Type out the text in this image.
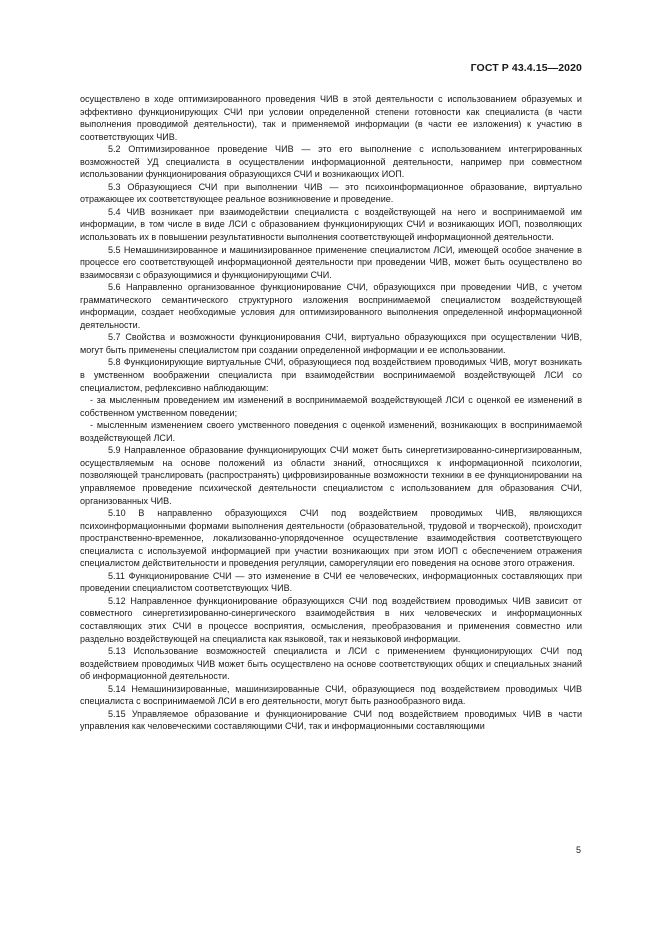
ГОСТ Р 43.4.15—2020

осуществлено в ходе оптимизированного проведения ЧИВ в этой деятельности с использованием образуемых и эффективно функционирующих СЧИ при условии определенной степени готовности как специалиста (в части выполнения проводимой деятельности), так и применяемой информации (в части ее изложения) к участию в соответствующих ЧИВ.

5.2 Оптимизированное проведение ЧИВ — это его выполнение с использованием интегрированных возможностей УД специалиста в осуществлении информационной деятельности, например при совместном использовании функционирования образующихся СЧИ и возникающих ИОП.

5.3 Образующиеся СЧИ при выполнении ЧИВ — это психоинформационное образование, виртуально отражающее их соответствующее реальное возникновение и проведение.

5.4 ЧИВ возникает при взаимодействии специалиста с воздействующей на него и воспринимаемой им информации, в том числе в виде ЛСИ с образованием функционирующих СЧИ и возникающих ИОП, позволяющих использовать их в повышении результативности выполнения соответствующей информационной деятельности.

5.5 Немашинизированное и машинизированное применение специалистом ЛСИ, имеющей особое значение в процессе его соответствующей информационной деятельности при проведении ЧИВ, может быть осуществлено во взаимосвязи с образующимися и функционирующими СЧИ.

5.6 Направленно организованное функционирование СЧИ, образующихся при проведении ЧИВ, с учетом грамматического семантического структурного изложения воспринимаемой специалистом воздействующей информации, создает необходимые условия для оптимизированного выполнения определенной информационной деятельности.

5.7 Свойства и возможности функционирования СЧИ, виртуально образующихся при осуществлении ЧИВ, могут быть применены специалистом при создании определенной информации и ее использовании.

5.8 Функционирующие виртуальные СЧИ, образующиеся под воздействием проводимых ЧИВ, могут возникать в умственном воображении специалиста при взаимодействии воспринимаемой воздействующей ЛСИ со специалистом, рефлексивно наблюдающим:

- за мысленным проведением им изменений в воспринимаемой воздействующей ЛСИ с оценкой ее изменений в собственном умственном поведении;

- мысленным изменением своего умственного поведения с оценкой изменений, возникающих в воспринимаемой воздействующей ЛСИ.

5.9 Направленное образование функционирующих СЧИ может быть синергетизированно-синергизированным, осуществляемым на основе положений из области знаний, относящихся к информационной психологии, позволяющей транслировать (распространять) цифровизированные возможности техники в ее функционировании на управляемое проведение психической деятельности специалистом с использованием для образования СЧИ, организованных ЧИВ.

5.10 В направленно образующихся СЧИ под воздействием проводимых ЧИВ, являющихся психоинформационными формами выполнения деятельности (образовательной, трудовой и творческой), происходит пространственно-временное, локализованно-упорядоченное осуществление взаимодействия соответствующего специалиста с используемой информацией при участии возникающих при этом ИОП с обеспечением отражения специалистом действительности и проведения регуляции, саморегуляции его поведения на основе этого отражения.

5.11 Функционирование СЧИ — это изменение в СЧИ ее человеческих, информационных составляющих при проведении специалистом соответствующих ЧИВ.

5.12 Направленное функционирование образующихся СЧИ под воздействием проводимых ЧИВ зависит от совместного синергетизированно-синергического взаимодействия в них человеческих и информационных составляющих этих СЧИ в процессе восприятия, осмысления, преобразования и применения совместно или раздельно воздействующей на специалиста как языковой, так и неязыковой информации.

5.13 Использование возможностей специалиста и ЛСИ с применением функционирующих СЧИ под воздействием проводимых ЧИВ может быть осуществлено на основе соответствующих общих и специальных знаний об информационной деятельности.

5.14 Немашинизированные, машинизированные СЧИ, образующиеся под воздействием проводимых ЧИВ специалиста с воспринимаемой ЛСИ в его деятельности, могут быть разнообразного вида.

5.15 Управляемое образование и функционирование СЧИ под воздействием проводимых ЧИВ в части управления как человеческими составляющими СЧИ, так и информационными составляющими

5
